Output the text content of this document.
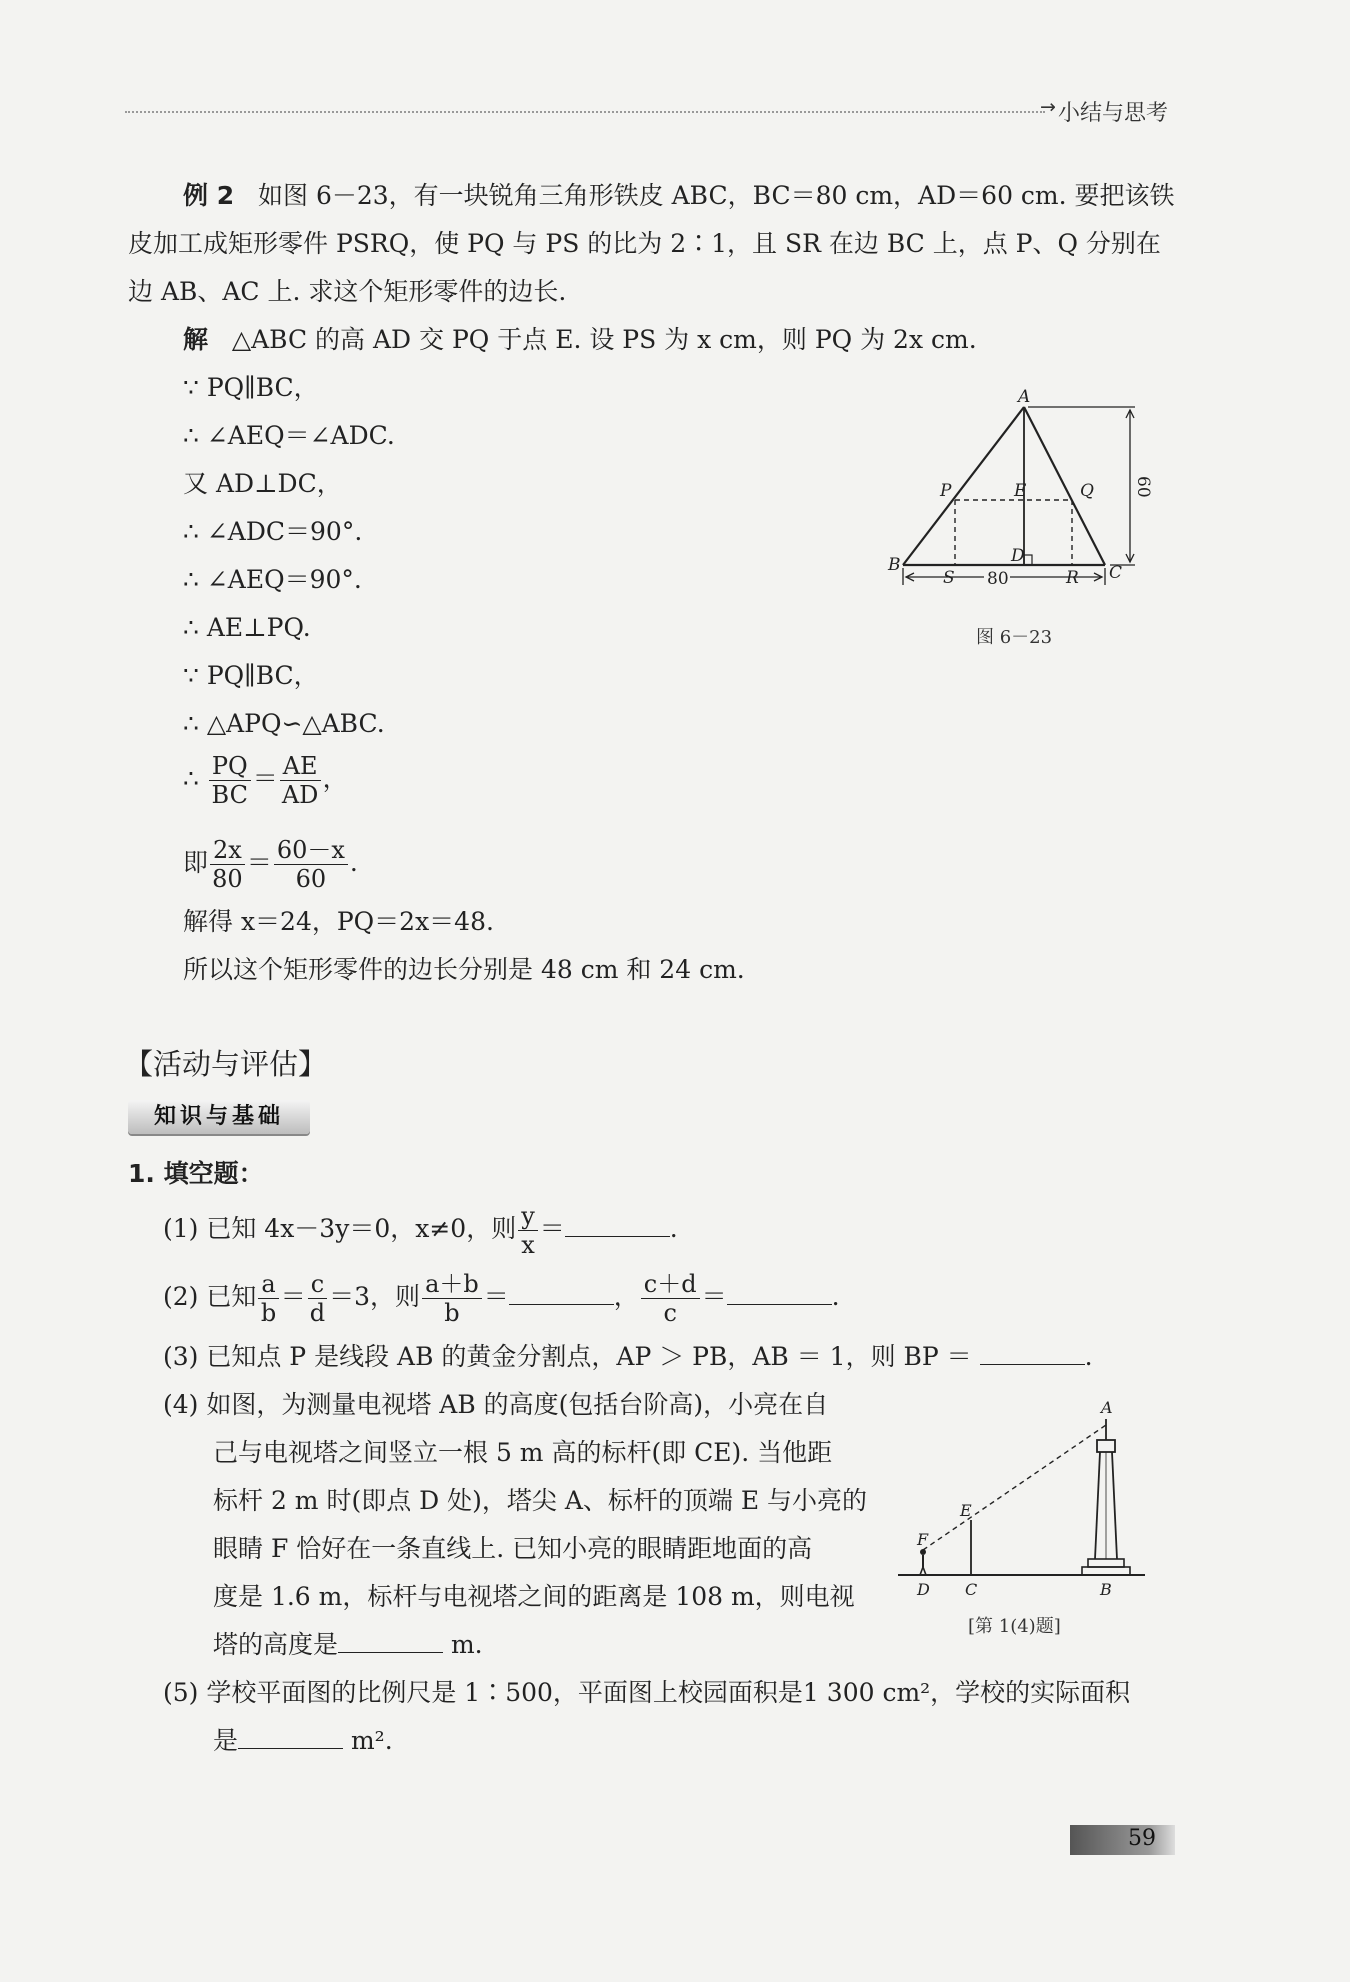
→ 小结与思考
例 2 如图 6－23，有一块锐角三角形铁皮 ABC，BC＝80 cm，AD＝60 cm. 要把该铁
皮加工成矩形零件 PSRQ，使 PQ 与 PS 的比为 2∶1，且 SR 在边 BC 上，点 P、Q 分别在
边 AB、AC 上. 求这个矩形零件的边长.
解 △ABC 的高 AD 交 PQ 于点 E. 设 PS 为 x cm，则 PQ 为 2x cm.
∵ PQ∥BC，
∴ ∠AEQ＝∠ADC.
又 AD⊥DC，
∴ ∠ADC＝90°.
∴ ∠AEQ＝90°.
∴ AE⊥PQ.
∵ PQ∥BC，
∴ △APQ∽△ABC.
∴ $\frac{PQ}{BC} = \frac{AE}{AD}$ ，
即 $\frac{2x}{80} = \frac{60-x}{60}$ .
解得 x＝24，PQ＝2x＝48.
所以这个矩形零件的边长分别是 48 cm 和 24 cm.
A
B	C
D
E
P	Q
S	R
80
60
图 6－23
【活动与评估】
知识与基础
1. 填空题：
(1) 已知 4x－3y＝0，x≠0，则 $\frac{y}{x}$ ＝	.
(2) 已知 $\frac{a}{b} = \frac{c}{d} =3$，则 $\frac{a+b}{b}$ ＝	， $\frac{c+d}{c}$ ＝	.
(3) 已知点 P 是线段 AB 的黄金分割点，AP ＞ PB，AB ＝ 1，则 BP ＝	.
(4) 如图，为测量电视塔 AB 的高度(包括台阶高)，小亮在自
己与电视塔之间竖立一根 5 m 高的标杆(即 CE). 当他距
标杆 2 m 时(即点 D 处)，塔尖 A、标杆的顶端 E 与小亮的
眼睛 F 恰好在一条直线上. 已知小亮的眼睛距地面的高
度是 1.6 m，标杆与电视塔之间的距离是 108 m，则电视
塔的高度是	m.
A
B
C
D
E
F
[第 1(4)题]
(5) 学校平面图的比例尺是 1∶500，平面图上校园面积是1 300 cm²，学校的实际面积
是	m².
59
